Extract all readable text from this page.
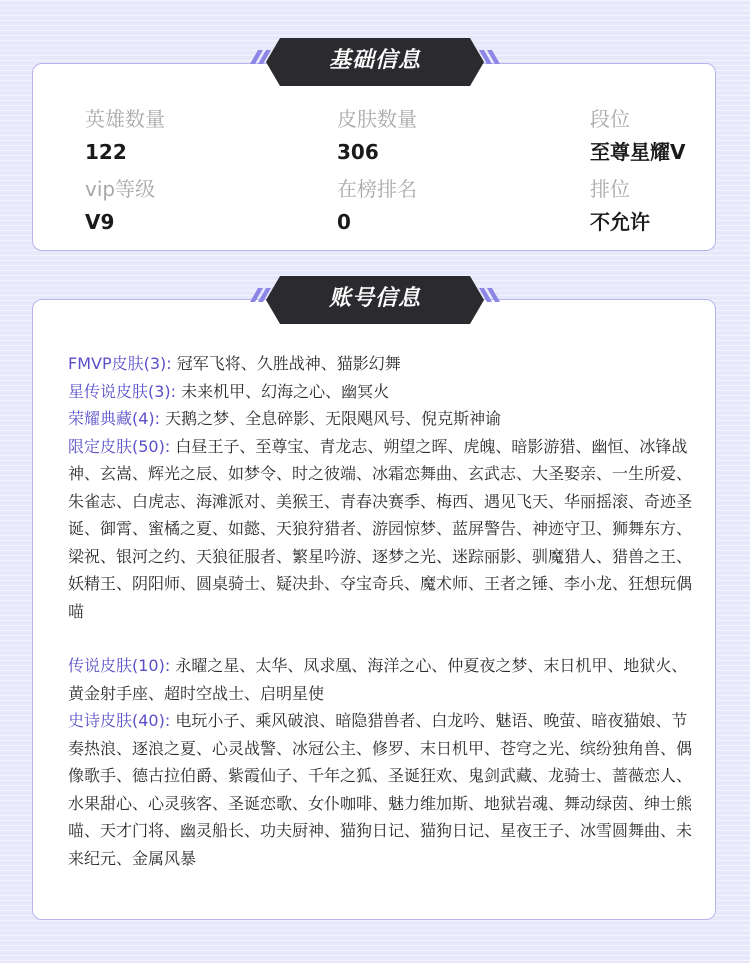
英雄数量
122
皮肤数量
306
段位
至尊星耀V
vip等级
V9
在榜排名
0
排位
不允许
基础信息

FMVP皮肤(3): 冠军飞将、久胜战神、猫影幻舞

星传说皮肤(3): 未来机甲、幻海之心、幽冥火

荣耀典藏(4): 天鹅之梦、全息碎影、无限飓风号、倪克斯神谕

限定皮肤(50): 白昼王子、至尊宝、青龙志、朔望之晖、虎魄、暗影游猎、幽恒、冰锋战神、玄嵩、辉光之辰、如梦令、时之彼端、冰霜恋舞曲、玄武志、大圣娶亲、一生所爱、朱雀志、白虎志、海滩派对、美猴王、青春决赛季、梅西、遇见飞天、华丽摇滚、奇迹圣诞、御霄、蜜橘之夏、如懿、天狼狩猎者、游园惊梦、蓝屏警告、神迹守卫、狮舞东方、梁祝、银河之约、天狼征服者、繁星吟游、逐梦之光、迷踪丽影、驯魔猎人、猎兽之王、妖精王、阴阳师、圆桌骑士、疑决卦、夺宝奇兵、魔术师、王者之锤、李小龙、狂想玩偶喵

传说皮肤(10): 永曜之星、太华、凤求凰、海洋之心、仲夏夜之梦、末日机甲、地狱火、黄金射手座、超时空战士、启明星使

史诗皮肤(40): 电玩小子、乘风破浪、暗隐猎兽者、白龙吟、魅语、晚萤、暗夜猫娘、节奏热浪、逐浪之夏、心灵战警、冰冠公主、修罗、末日机甲、苍穹之光、缤纷独角兽、偶像歌手、德古拉伯爵、紫霞仙子、千年之狐、圣诞狂欢、鬼剑武藏、龙骑士、蔷薇恋人、水果甜心、心灵骇客、圣诞恋歌、女仆咖啡、魅力维加斯、地狱岩魂、舞动绿茵、绅士熊喵、天才门将、幽灵船长、功夫厨神、猫狗日记、猫狗日记、星夜王子、冰雪圆舞曲、未来纪元、金属风暴

账号信息
